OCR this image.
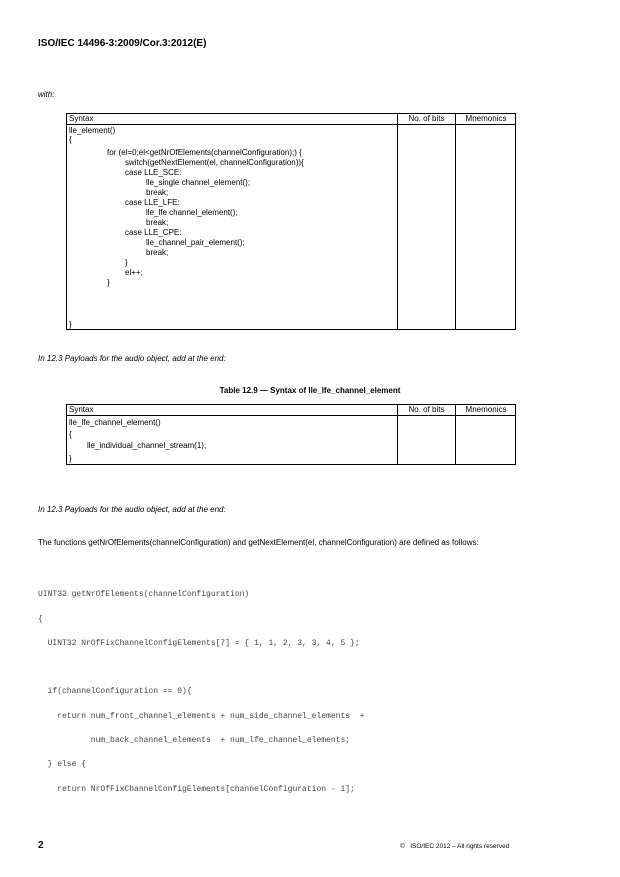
ISO/IEC 14496-3:2009/Cor.3:2012(E)
with:
Syntax	No. of bits	Mnemonics
lle_element()
{
for (el=0;el<getNrOfElements(channelConfiguration);) {
switch(getNextElement(el, channelConfiguration)){
case LLE_SCE:
lle_single channel_element();
break;
case LLE_LFE:
lle_lfe channel_element();
break;
case LLE_CPE:
lle_channel_pair_element();
break;
}
el++;
}
}
In 12.3 Payloads for the audio object, add at the end:
Table 12.9 — Syntax of lle_lfe_channel_element
Syntax	No. of bits	Mnemonics
lle_lfe_channel_element()
{
lle_individual_channel_stream(1);
}
In 12.3 Payloads for the audio object, add at the end:
The functions getNrOfElements(channelConfiguration) and getNextElement(el, channelConfiguration) are defined as follows:
UINT32 getNrOfElements(channelConfiguration)
{
UINT32 NrOfFixChannelConfigElements[7] = { 1, 1, 2, 3, 3, 4, 5 };
if(channelConfiguration == 0){
return num_front_channel_elements + num_side_channel_elements  +
num_back_channel_elements  + num_lfe_channel_elements;
} else {
return NrOfFixChannelConfigElements[channelConfiguration - 1];
2	©   ISO/IEC 2012 – All rights reserved
